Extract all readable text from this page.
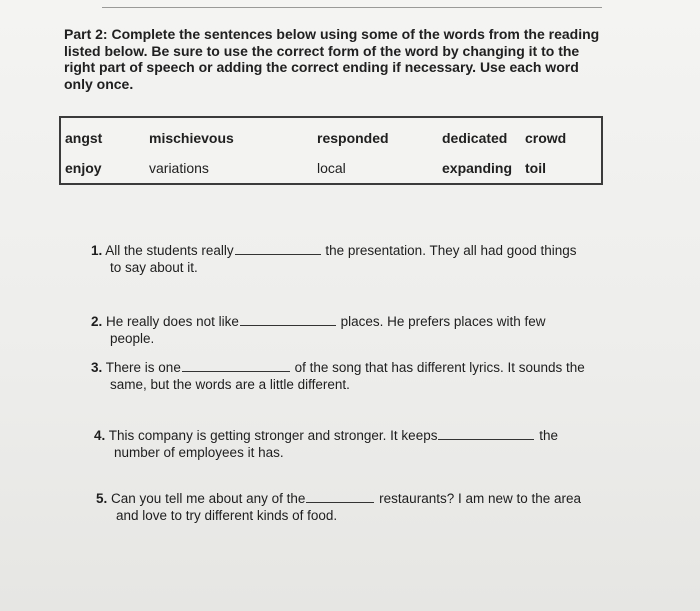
Part 2: Complete the sentences below using some of the words from the reading
listed below. Be sure to use the correct form of the word by changing it to the
right part of speech or adding the correct ending if necessary. Use each word
only once.
angst	mischievous	responded	dedicated crowd
enjoy	variations	local	expanding toil
1. All the students really	the presentation. They all had good things
to say about it.
2. He really does not like	places. He prefers places with few
people.
3. There is one	of the song that has different lyrics. It sounds the
same, but the words are a little different.
4. This company is getting stronger and stronger. It keeps	the
number of employees it has.
5. Can you tell me about any of the	restaurants? I am new to the area
and love to try different kinds of food.
